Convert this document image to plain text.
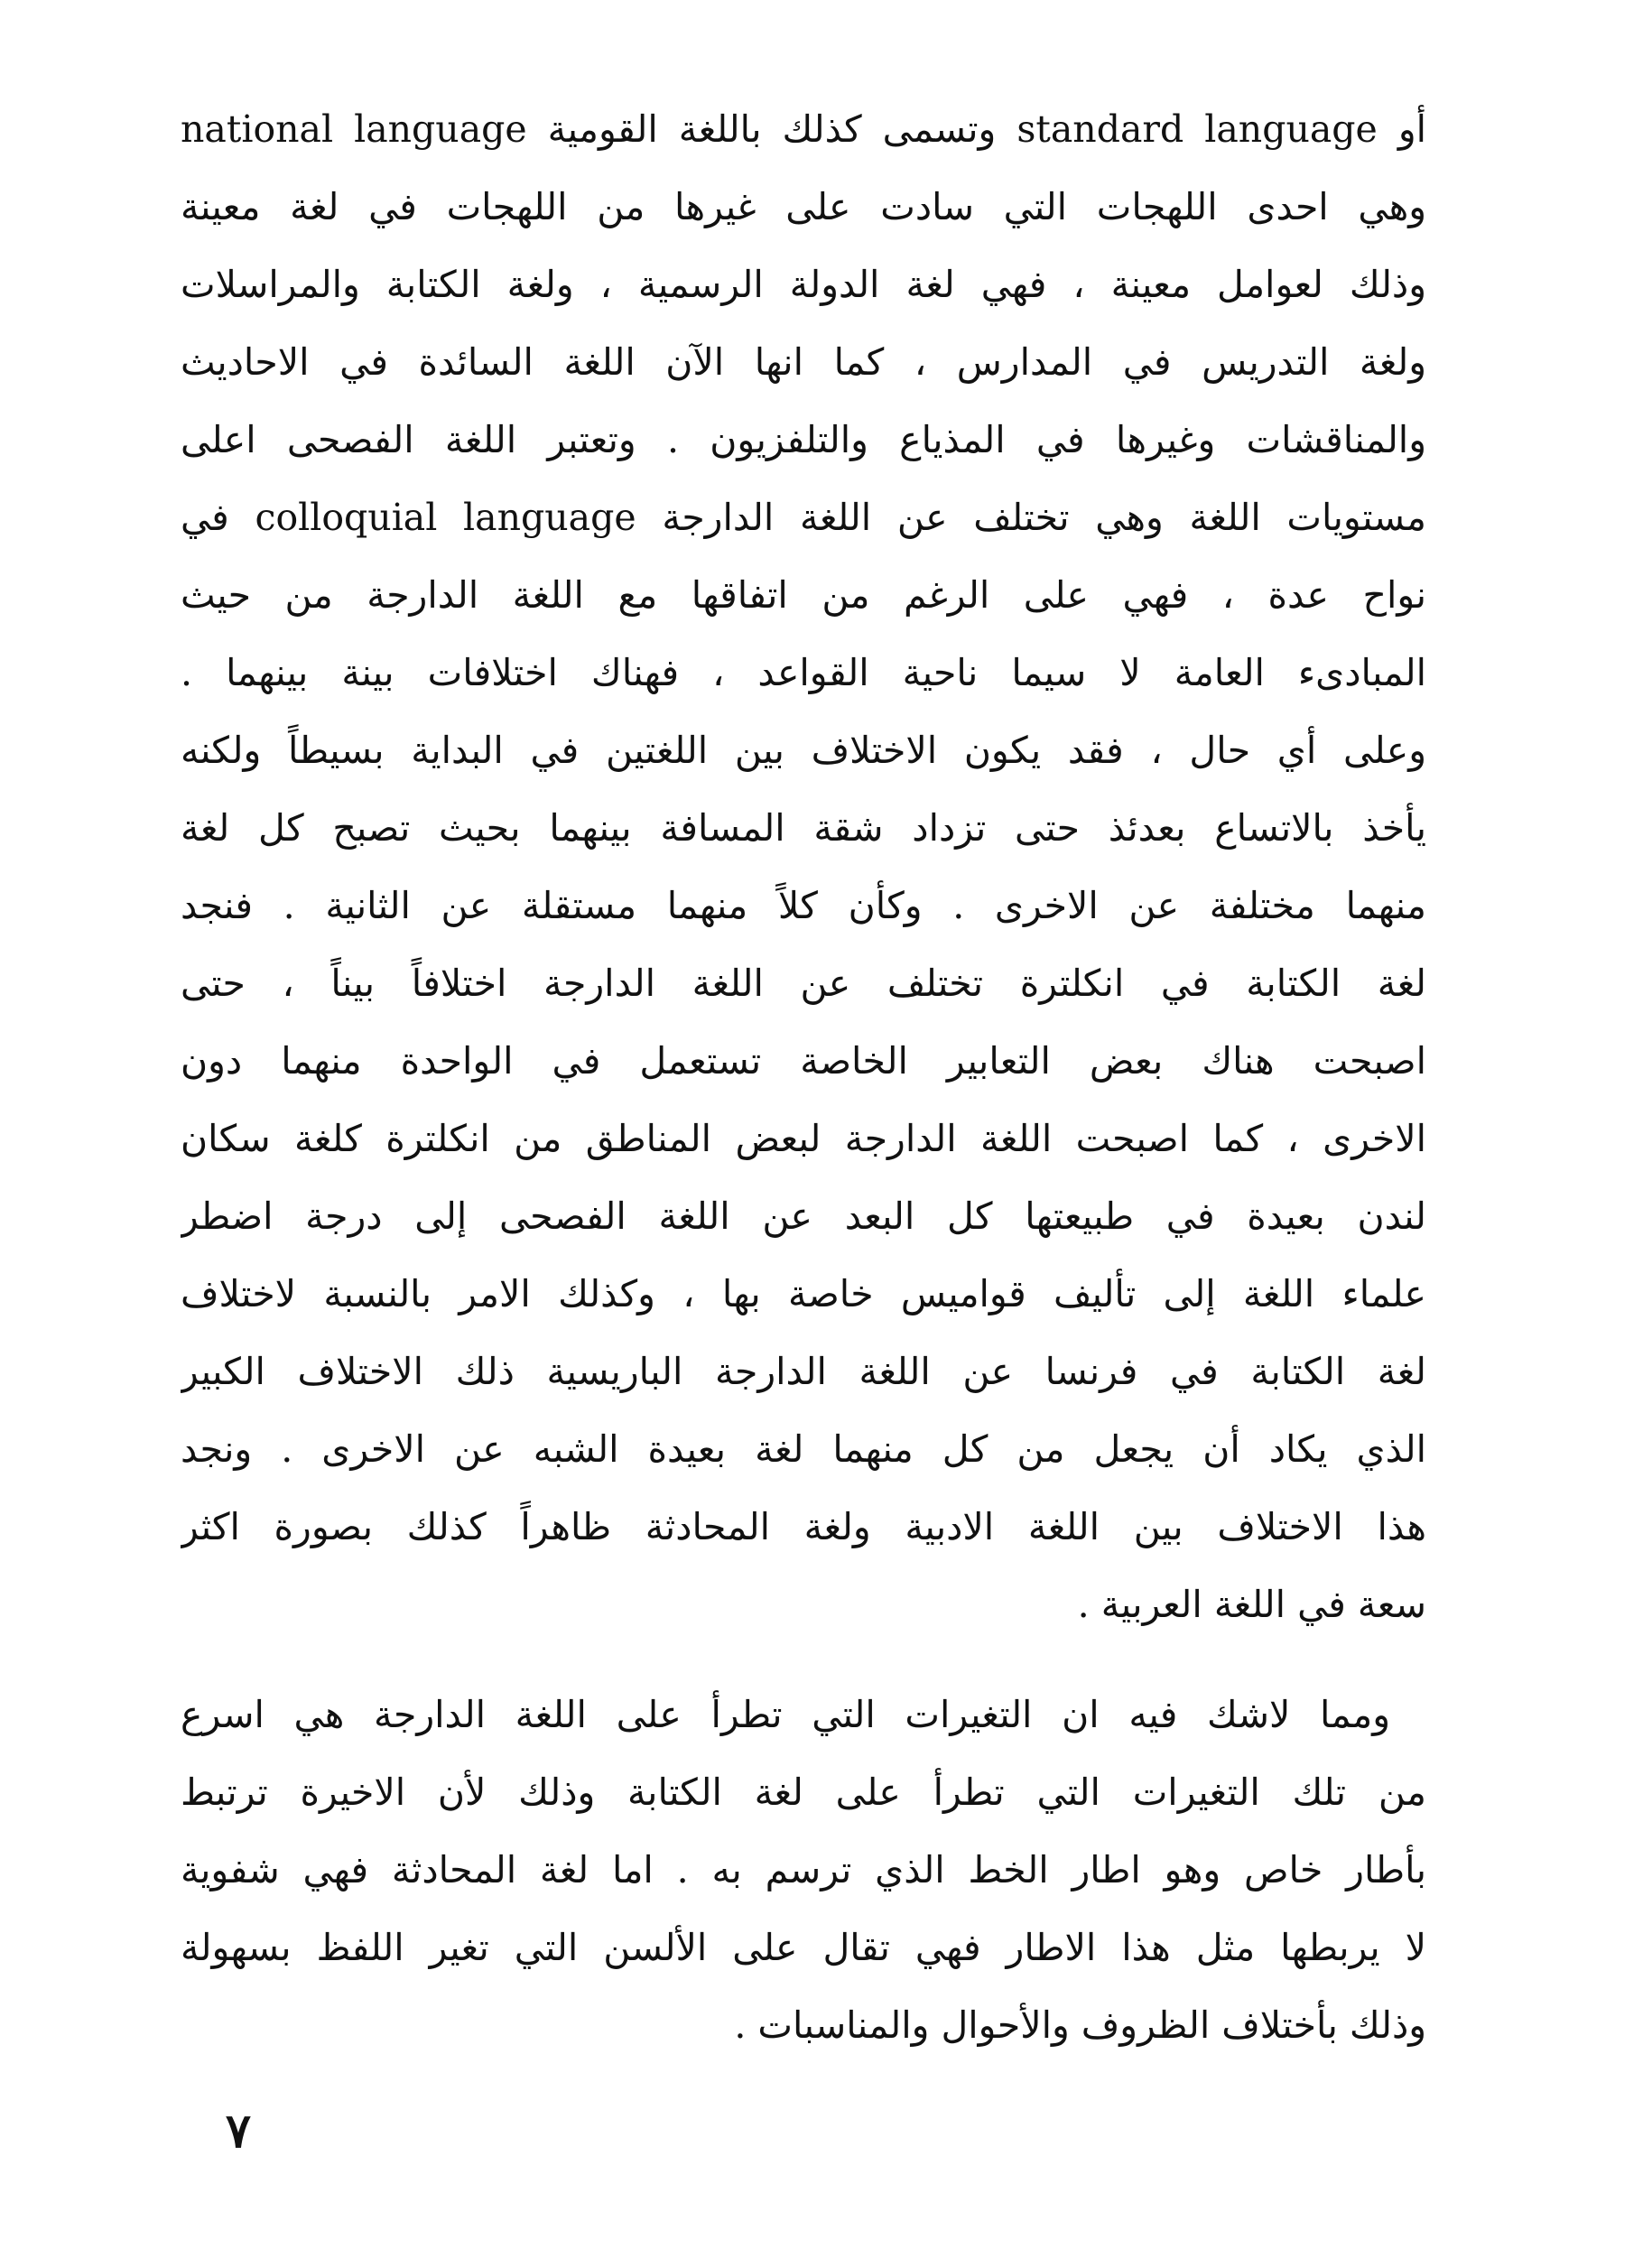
أو standard language وتسمى كذلك باللغة القومية national language
وهي احدى اللهجات التي سادت على غيرها من اللهجات في لغة معينة
وذلك لعوامل معينة ، فهي لغة الدولة الرسمية ، ولغة الكتابة والمراسلات
ولغة التدريس في المدارس ، كما انها الآن اللغة السائدة في الاحاديث
والمناقشات وغيرها في المذياع والتلفزيون . وتعتبر اللغة الفصحى اعلى
مستويات اللغة وهي تختلف عن اللغة الدارجة colloquial language في
نواح عدة ، فهي على الرغم من اتفاقها مع اللغة الدارجة من حيث
المبادىء العامة لا سيما ناحية القواعد ، فهناك اختلافات بينة بينهما .
وعلى أي حال ، فقد يكون الاختلاف بين اللغتين في البداية بسيطاً ولكنه
يأخذ بالاتساع بعدئذ حتى تزداد شقة المسافة بينهما بحيث تصبح كل لغة
منهما مختلفة عن الاخرى . وكأن كلاً منهما مستقلة عن الثانية . فنجد
لغة الكتابة في انكلترة تختلف عن اللغة الدارجة اختلافاً بيناً ، حتى
اصبحت هناك بعض التعابير الخاصة تستعمل في الواحدة منهما دون
الاخرى ، كما اصبحت اللغة الدارجة لبعض المناطق من انكلترة كلغة سكان
لندن بعيدة في طبيعتها كل البعد عن اللغة الفصحى إلى درجة اضطر
علماء اللغة إلى تأليف قواميس خاصة بها ، وكذلك الامر بالنسبة لاختلاف
لغة الكتابة في فرنسا عن اللغة الدارجة الباريسية ذلك الاختلاف الكبير
الذي يكاد أن يجعل من كل منهما لغة بعيدة الشبه عن الاخرى . ونجد
هذا الاختلاف بين اللغة الادبية ولغة المحادثة ظاهراً كذلك بصورة اكثر
سعة في اللغة العربية .
ومما لاشك فيه ان التغيرات التي تطرأ على اللغة الدارجة هي اسرع
من تلك التغيرات التي تطرأ على لغة الكتابة وذلك لأن الاخيرة ترتبط
بأطار خاص وهو اطار الخط الذي ترسم به . اما لغة المحادثة فهي شفوية
لا يربطها مثل هذا الاطار فهي تقال على الألسن التي تغير اللفظ بسهولة
وذلك بأختلاف الظروف والأحوال والمناسبات .
٧
